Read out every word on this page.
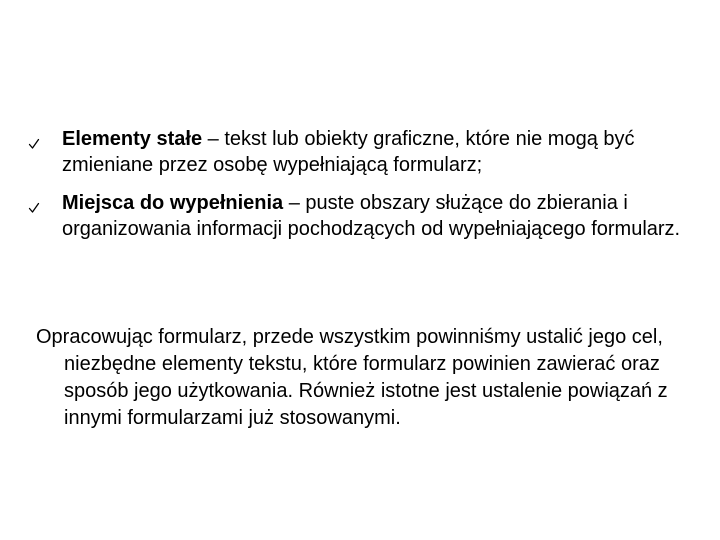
Elementy stałe – tekst lub obiekty graficzne, które nie mogą być zmieniane przez osobę wypełniającą formularz;
Miejsca do wypełnienia – puste obszary służące do zbierania i organizowania informacji pochodzących od wypełniającego formularz.

Opracowując formularz, przede wszystkim powinniśmy ustalić jego cel, niezbędne elementy tekstu, które formularz powinien zawierać oraz sposób jego użytkowania. Również istotne jest ustalenie powiązań z innymi formularzami już stosowanymi.
